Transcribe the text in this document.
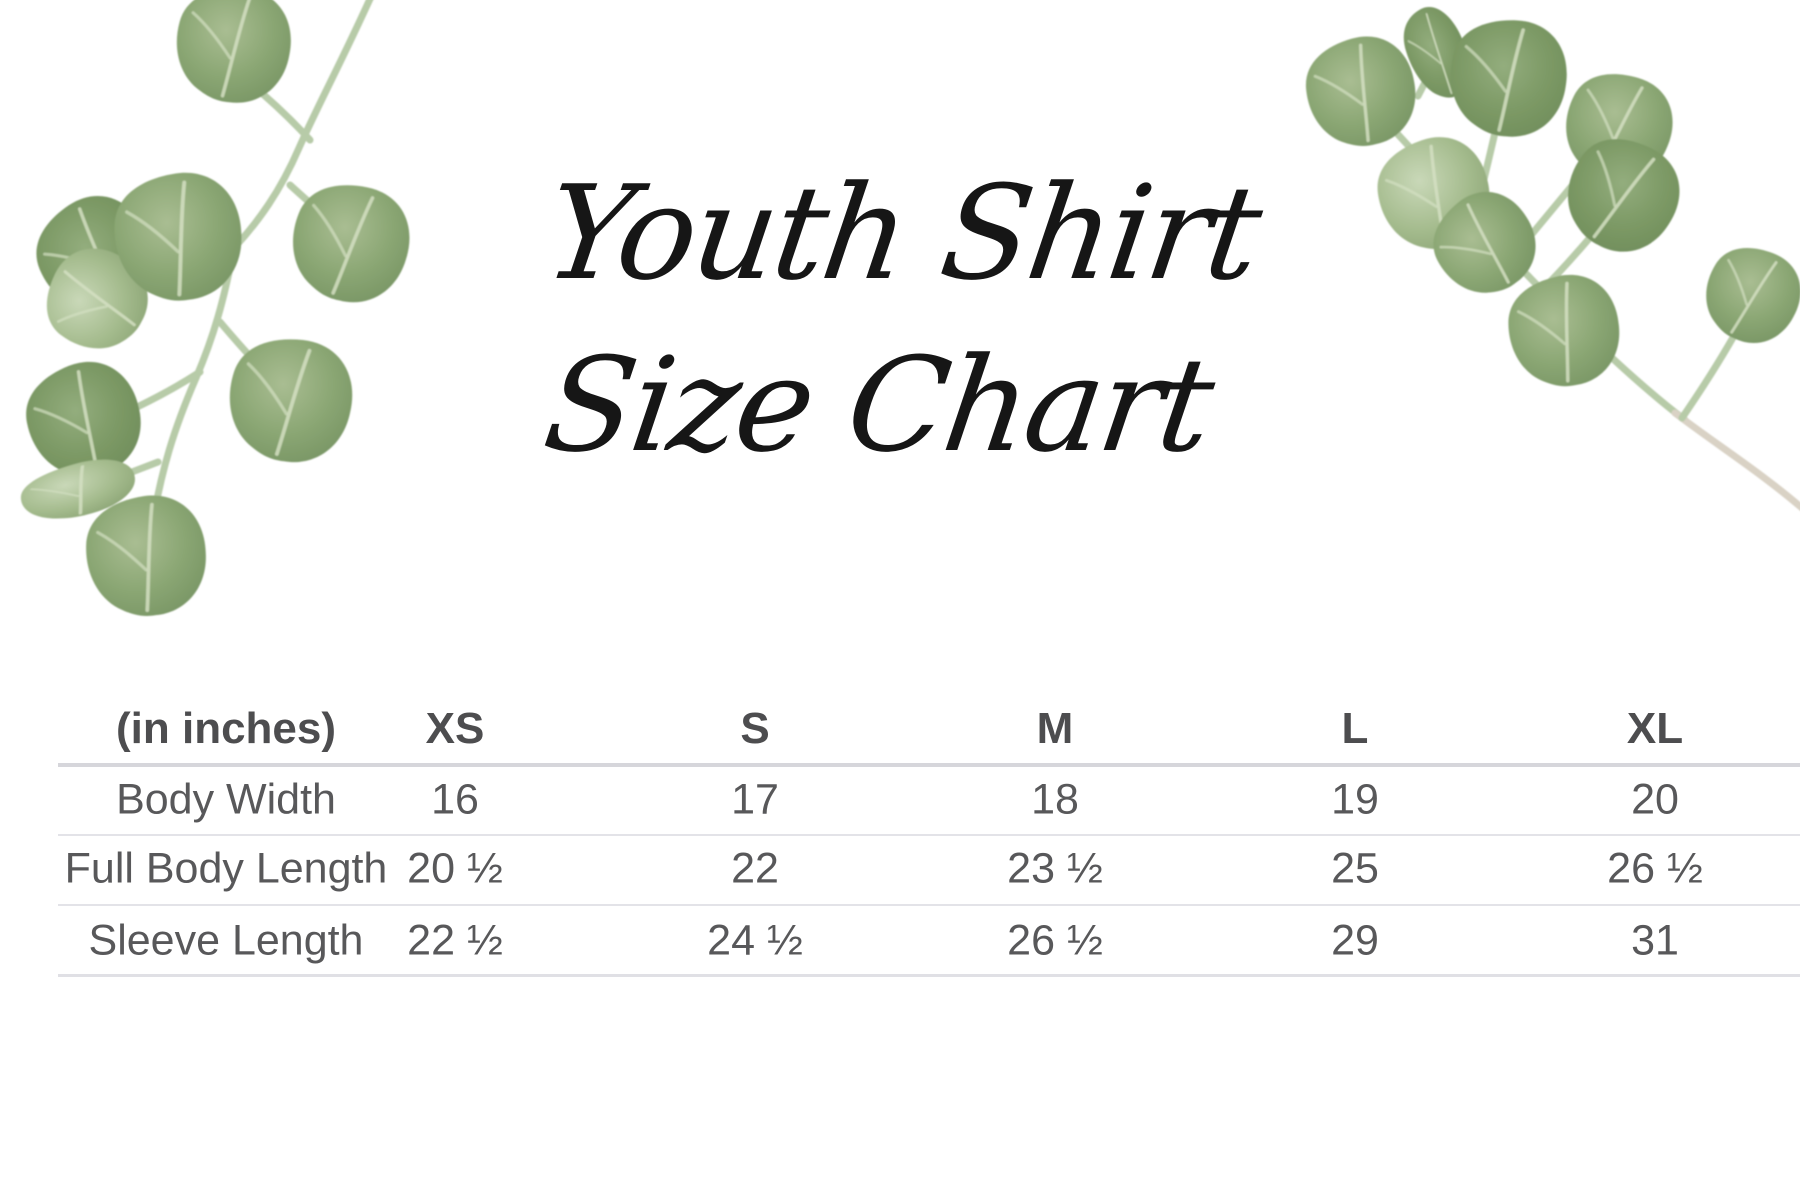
Youth Shirt
Size Chart
(in inches) XS	S	M	L	XL
Body Width 16	17	18	19	20
Full Body Length 20 ½	22	23 ½	25	26 ½
Sleeve Length 22 ½	24 ½	26 ½	29	31
